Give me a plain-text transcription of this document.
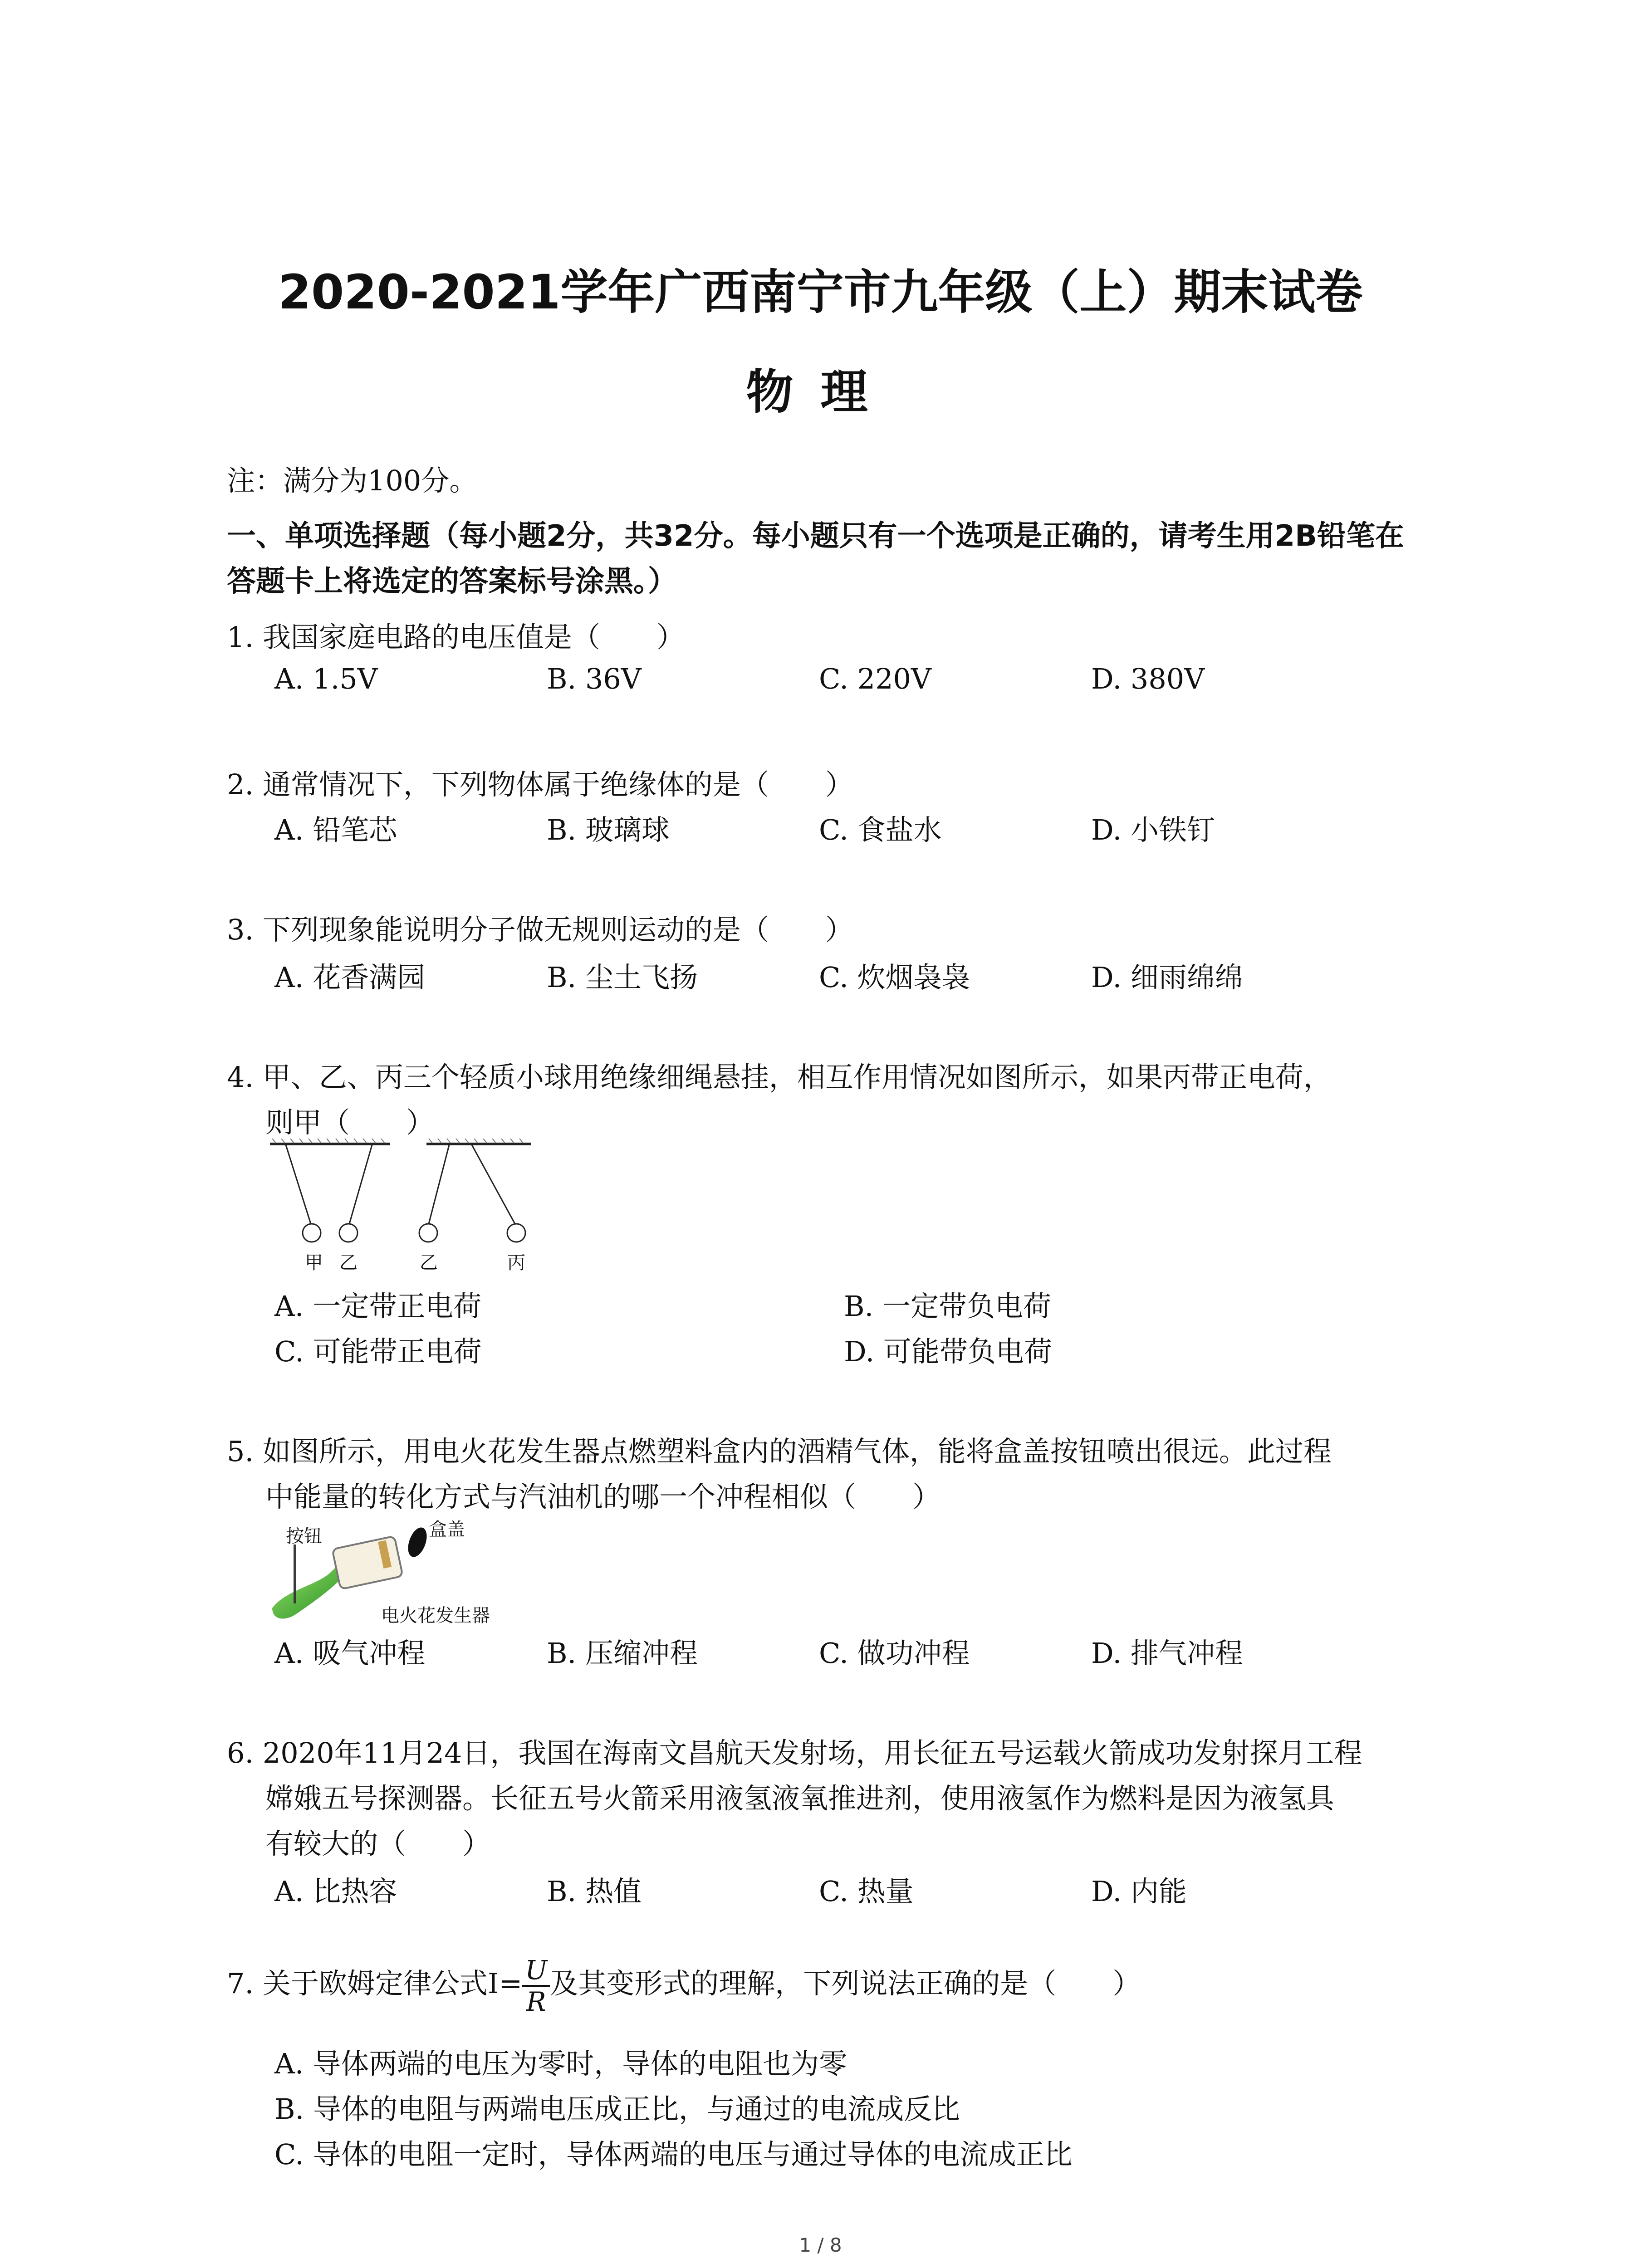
2020-2021学年广西南宁市九年级（上）期末试卷
物理
注：满分为100分。
一、单项选择题（每小题2分，共32分。每小题只有一个选项是正确的，请考生用2B铅笔在
答题卡上将选定的答案标号涂黑。）
1. 我国家庭电路的电压值是（　　）
A. 1.5V	B. 36V	C. 220V	D. 380V
2. 通常情况下，下列物体属于绝缘体的是（　　）
A. 铅笔芯	B. 玻璃球	C. 食盐水	D. 小铁钉
3. 下列现象能说明分子做无规则运动的是（　　）
A. 花香满园	B. 尘土飞扬	C. 炊烟袅袅	D. 细雨绵绵
4. 甲、乙、丙三个轻质小球用绝缘细绳悬挂，相互作用情况如图所示，如果丙带正电荷，
则甲（　　）
甲 乙	乙	丙
A. 一定带正电荷	B. 一定带负电荷
C. 可能带正电荷	D. 可能带负电荷
5. 如图所示，用电火花发生器点燃塑料盒内的酒精气体，能将盒盖按钮喷出很远。此过程
中能量的转化方式与汽油机的哪一个冲程相似（　　）
按钮	盒盖
电火花发生器
A. 吸气冲程	B. 压缩冲程	C. 做功冲程	D. 排气冲程
6. 2020年11月24日，我国在海南文昌航天发射场，用长征五号运载火箭成功发射探月工程
嫦娥五号探测器。长征五号火箭采用液氢液氧推进剂，使用液氢作为燃料是因为液氢具
有较大的（　　）
A. 比热容	B. 热值	C. 热量	D. 内能
7. 关于欧姆定律公式$I= \frac{U}{R}$ 及其变形式的理解，下列说法正确的是（　　）
A. 导体两端的电压为零时，导体的电阻也为零
B. 导体的电阻与两端电压成正比，与通过的电流成反比
C. 导体的电阻一定时，导体两端的电压与通过导体的电流成正比
1 / 8
